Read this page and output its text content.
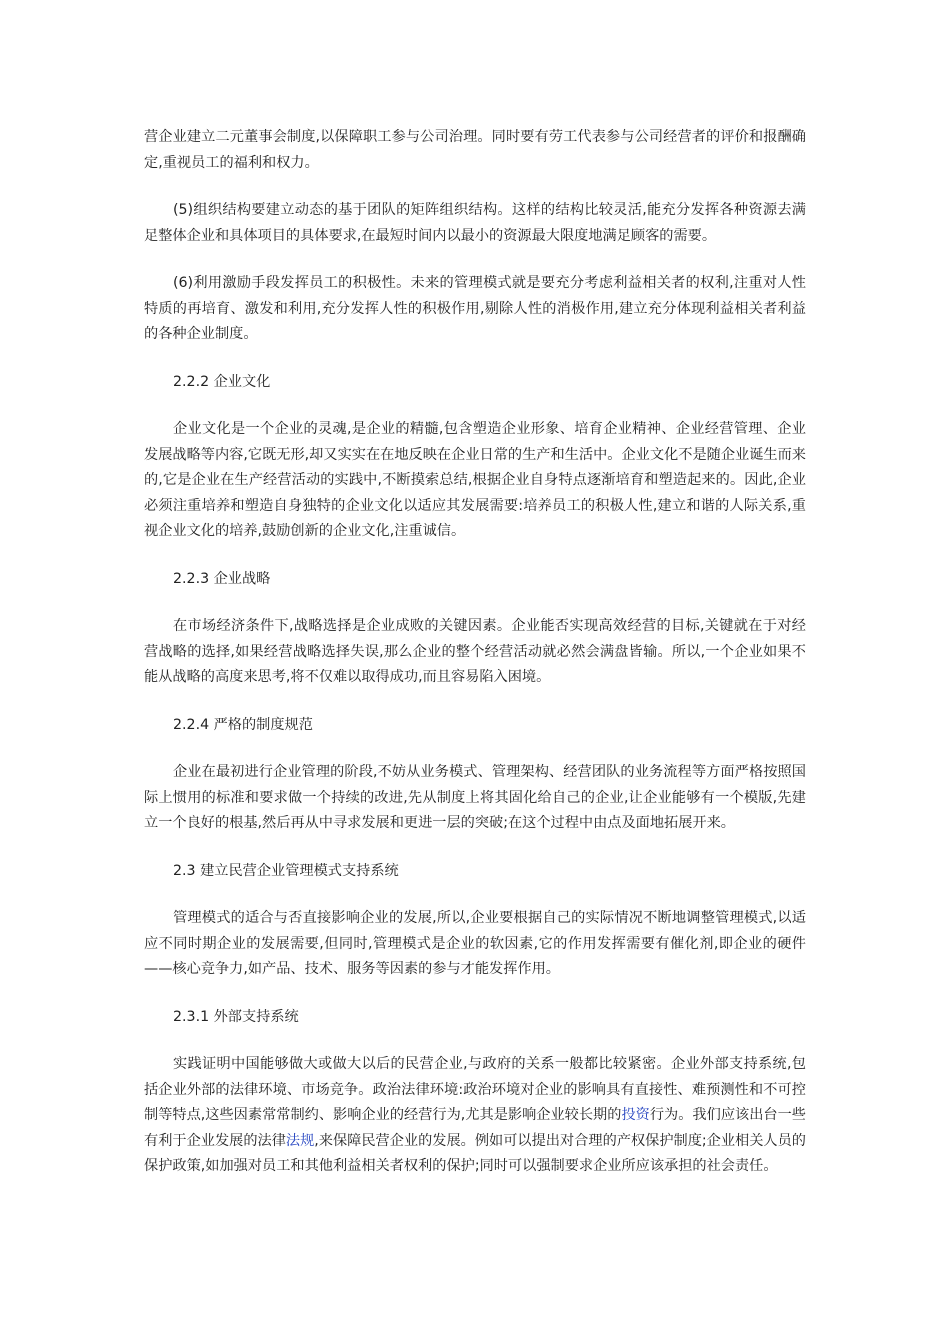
营企业建立二元董事会制度,以保障职工参与公司治理。同时要有劳工代表参与公司经营者的评价和报酬确定,重视员工的福利和权力。

(5)组织结构要建立动态的基于团队的矩阵组织结构。这样的结构比较灵活,能充分发挥各种资源去满足整体企业和具体项目的具体要求,在最短时间内以最小的资源最大限度地满足顾客的需要。

(6)利用激励手段发挥员工的积极性。未来的管理模式就是要充分考虑利益相关者的权利,注重对人性特质的再培育、激发和利用,充分发挥人性的积极作用,剔除人性的消极作用,建立充分体现利益相关者利益的各种企业制度。

2.2.2 企业文化

企业文化是一个企业的灵魂,是企业的精髓,包含塑造企业形象、培育企业精神、企业经营管理、企业发展战略等内容,它既无形,却又实实在在地反映在企业日常的生产和生活中。企业文化不是随企业诞生而来的,它是企业在生产经营活动的实践中,不断摸索总结,根据企业自身特点逐渐培育和塑造起来的。因此,企业必须注重培养和塑造自身独特的企业文化以适应其发展需要:培养员工的积极人性,建立和谐的人际关系,重视企业文化的培养,鼓励创新的企业文化,注重诚信。

2.2.3 企业战略

在市场经济条件下,战略选择是企业成败的关键因素。企业能否实现高效经营的目标,关键就在于对经营战略的选择,如果经营战略选择失误,那么企业的整个经营活动就必然会满盘皆输。所以,一个企业如果不能从战略的高度来思考,将不仅难以取得成功,而且容易陷入困境。

2.2.4 严格的制度规范

企业在最初进行企业管理的阶段,不妨从业务模式、管理架构、经营团队的业务流程等方面严格按照国际上惯用的标准和要求做一个持续的改进,先从制度上将其固化给自己的企业,让企业能够有一个模版,先建立一个良好的根基,然后再从中寻求发展和更进一层的突破;在这个过程中由点及面地拓展开来。

2.3 建立民营企业管理模式支持系统

管理模式的适合与否直接影响企业的发展,所以,企业要根据自己的实际情况不断地调整管理模式,以适应不同时期企业的发展需要,但同时,管理模式是企业的软因素,它的作用发挥需要有催化剂,即企业的硬件——核心竞争力,如产品、技术、服务等因素的参与才能发挥作用。

2.3.1 外部支持系统

实践证明中国能够做大或做大以后的民营企业,与政府的关系一般都比较紧密。企业外部支持系统,包括企业外部的法律环境、市场竞争。政治法律环境:政治环境对企业的影响具有直接性、难预测性和不可控制等特点,这些因素常常制约、影响企业的经营行为,尤其是影响企业较长期的投资行为。我们应该出台一些有利于企业发展的法律法规,来保障民营企业的发展。例如可以提出对合理的产权保护制度;企业相关人员的保护政策,如加强对员工和其他利益相关者权利的保护;同时可以强制要求企业所应该承担的社会责任。
